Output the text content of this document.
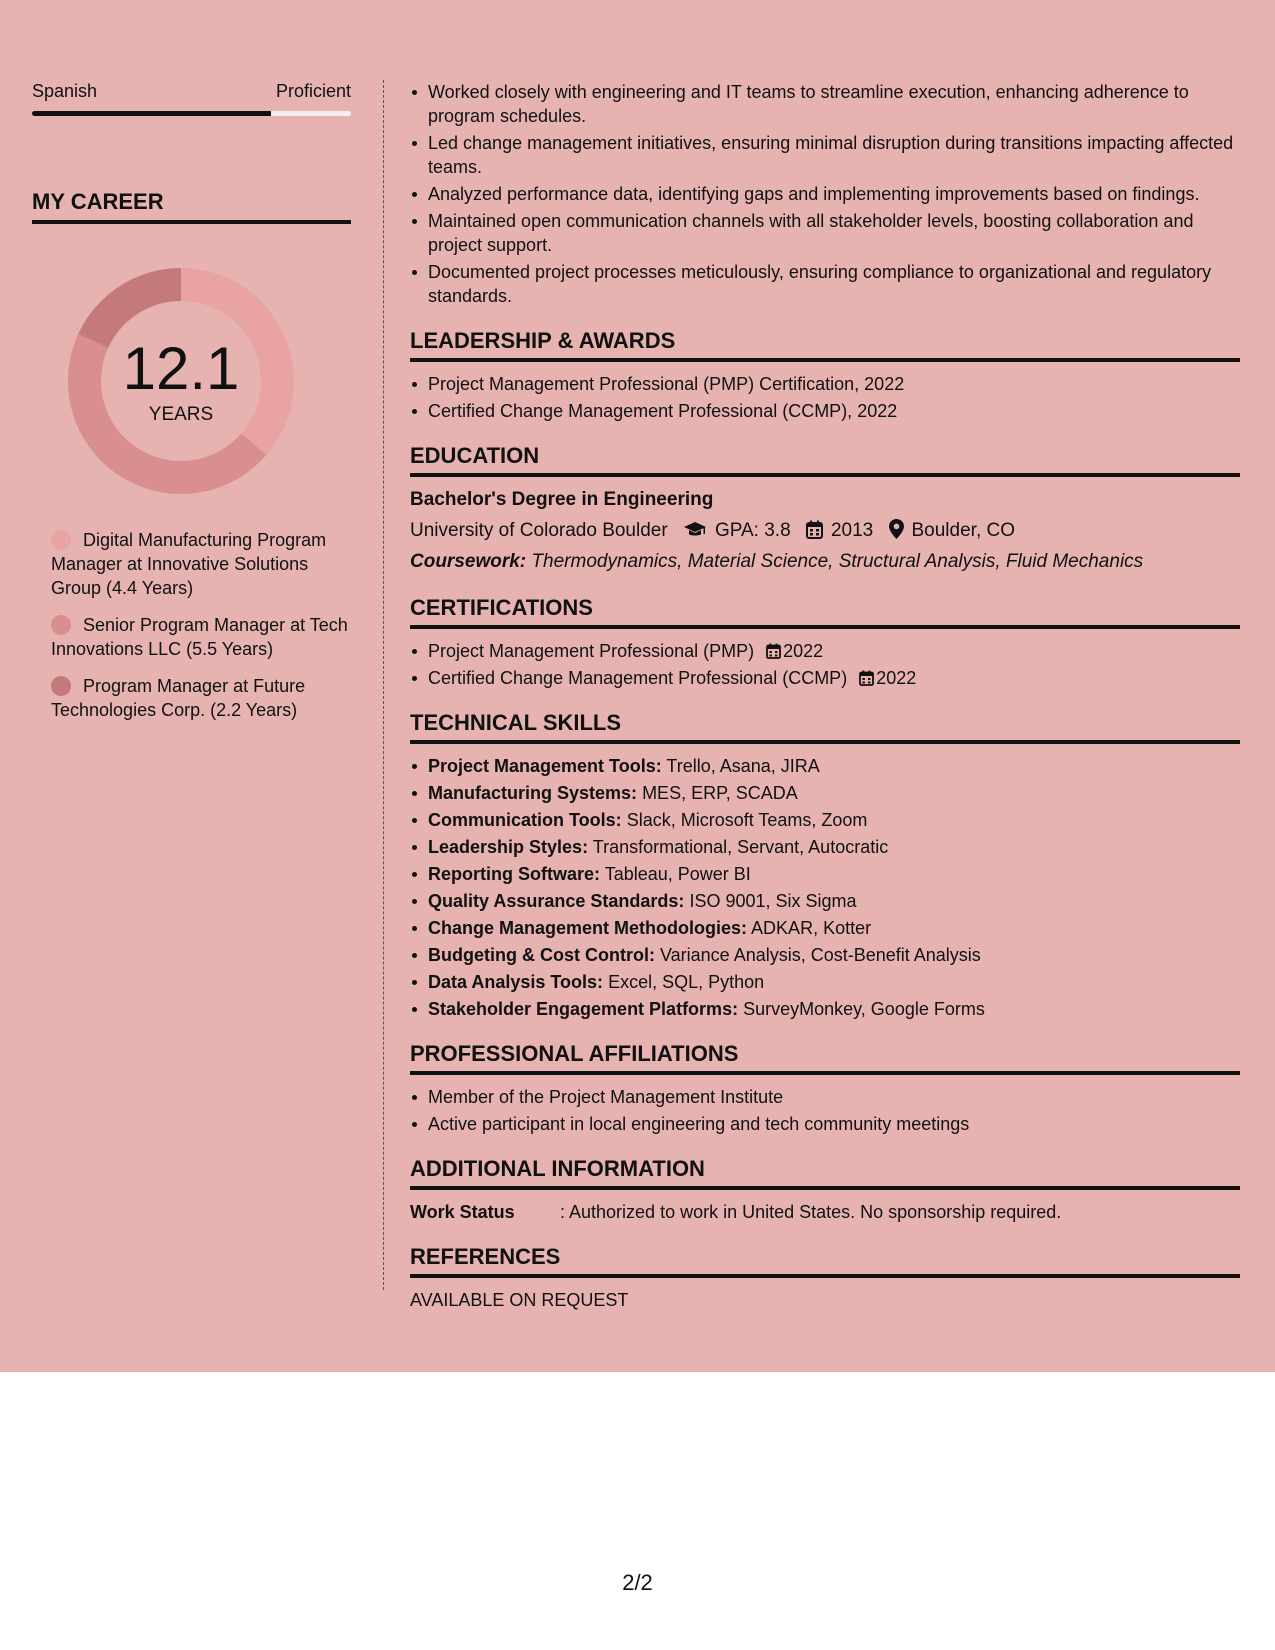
Spanish	Proficient
MY CAREER
12.1
YEARS
Digital Manufacturing Program Manager at Innovative Solutions Group (4.4 Years)
Senior Program Manager at Tech Innovations LLC (5.5 Years)
Program Manager at Future Technologies Corp. (2.2 Years)
Worked closely with engineering and IT teams to streamline execution, enhancing adherence to program schedules.
Led change management initiatives, ensuring minimal disruption during transitions impacting affected teams.
Analyzed performance data, identifying gaps and implementing improvements based on findings.
Maintained open communication channels with all stakeholder levels, boosting collaboration and project support.
Documented project processes meticulously, ensuring compliance to organizational and regulatory standards.
LEADERSHIP & AWARDS
Project Management Professional (PMP) Certification, 2022
Certified Change Management Professional (CCMP), 2022
EDUCATION
Bachelor's Degree in Engineering
University of Colorado Boulder GPA: 3.8 2013 Boulder, CO
Coursework: Thermodynamics, Material Science, Structural Analysis, Fluid Mechanics
CERTIFICATIONS
Project Management Professional (PMP) 2022
Certified Change Management Professional (CCMP) 2022
TECHNICAL SKILLS
Project Management Tools: Trello, Asana, JIRA
Manufacturing Systems: MES, ERP, SCADA
Communication Tools: Slack, Microsoft Teams, Zoom
Leadership Styles: Transformational, Servant, Autocratic
Reporting Software: Tableau, Power BI
Quality Assurance Standards: ISO 9001, Six Sigma
Change Management Methodologies: ADKAR, Kotter
Budgeting & Cost Control: Variance Analysis, Cost-Benefit Analysis
Data Analysis Tools: Excel, SQL, Python
Stakeholder Engagement Platforms: SurveyMonkey, Google Forms
PROFESSIONAL AFFILIATIONS
Member of the Project Management Institute
Active participant in local engineering and tech community meetings
ADDITIONAL INFORMATION
Work Status	: Authorized to work in United States. No sponsorship required.
REFERENCES
AVAILABLE ON REQUEST
2/2
